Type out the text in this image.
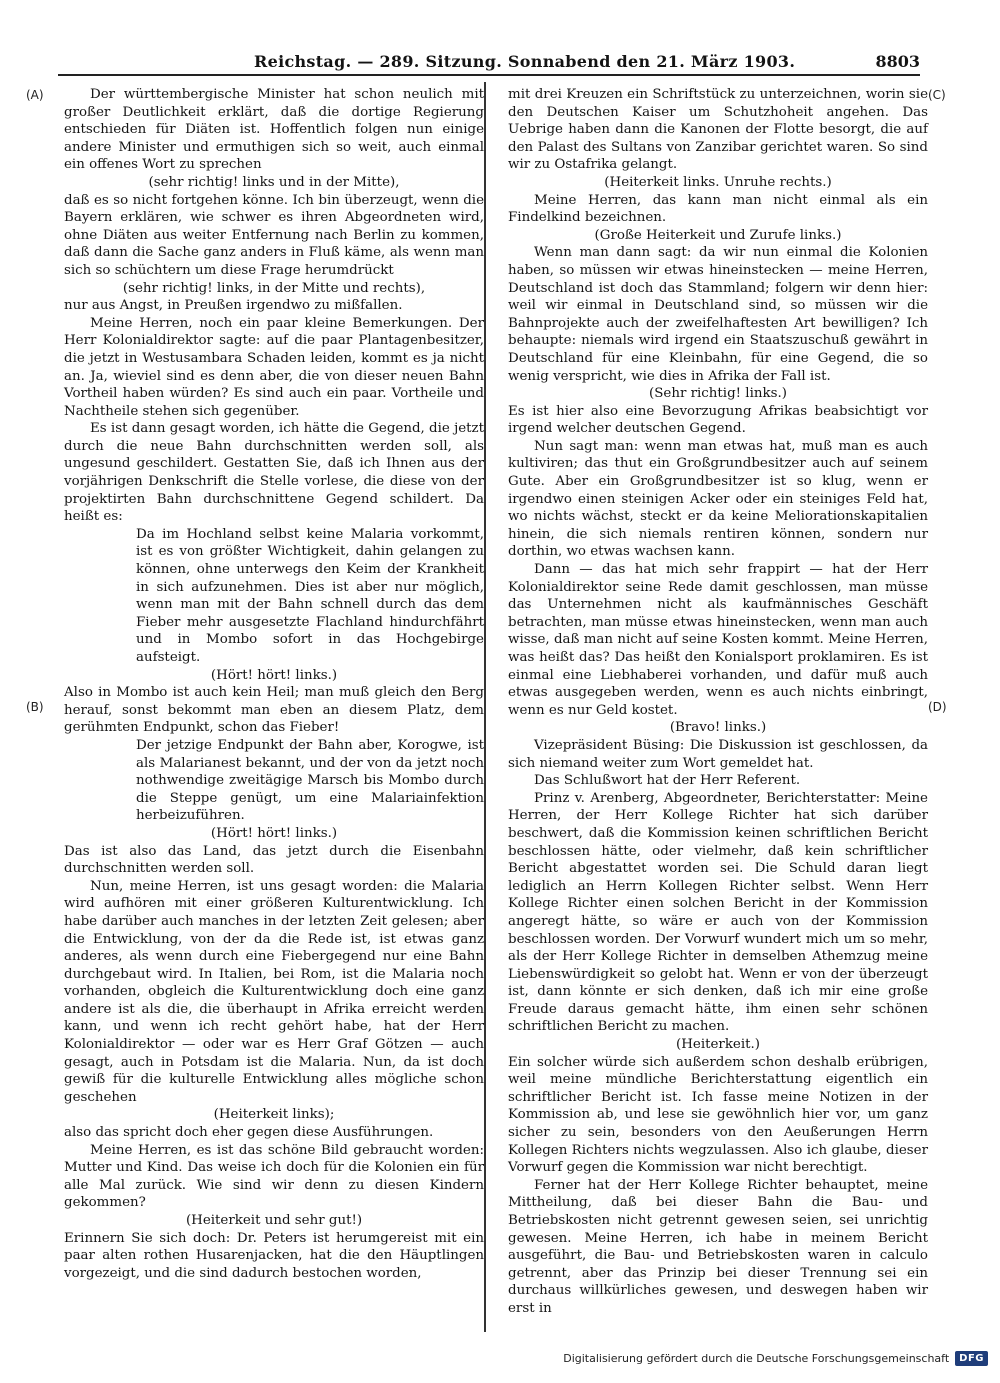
Reichstag. — 289. Sitzung. Sonnabend den 21. März 1903.	8803
(A)
(B)
(C)
(D)

Der württembergische Minister hat schon neulich mit großer Deutlichkeit erklärt, daß die dortige Regierung entschieden für Diäten ist. Hoffentlich folgen nun einige andere Minister und ermuthigen sich so weit, auch einmal ein offenes Wort zu sprechen

(sehr richtig! links und in der Mitte),

daß es so nicht fortgehen könne. Ich bin überzeugt, wenn die Bayern erklären, wie schwer es ihren Abgeordneten wird, ohne Diäten aus weiter Entfernung nach Berlin zu kommen, daß dann die Sache ganz anders in Fluß käme, als wenn man sich so schüchtern um diese Frage herumdrückt

(sehr richtig! links, in der Mitte und rechts),

nur aus Angst, in Preußen irgendwo zu mißfallen.

Meine Herren, noch ein paar kleine Bemerkungen. Der Herr Kolonialdirektor sagte: auf die paar Plantagenbesitzer, die jetzt in Westusambara Schaden leiden, kommt es ja nicht an. Ja, wieviel sind es denn aber, die von dieser neuen Bahn Vortheil haben würden? Es sind auch ein paar. Vortheile und Nachtheile stehen sich gegenüber.

Es ist dann gesagt worden, ich hätte die Gegend, die jetzt durch die neue Bahn durchschnitten werden soll, als ungesund geschildert. Gestatten Sie, daß ich Ihnen aus der vorjährigen Denkschrift die Stelle vorlese, die diese von der projektirten Bahn durchschnittene Gegend schildert. Da heißt es:

Da im Hochland selbst keine Malaria vorkommt, ist es von größter Wichtigkeit, dahin gelangen zu können, ohne unterwegs den Keim der Krankheit in sich aufzunehmen. Dies ist aber nur möglich, wenn man mit der Bahn schnell durch das dem Fieber mehr ausgesetzte Flachland hindurchfährt und in Mombo sofort in das Hochgebirge aufsteigt.

(Hört! hört! links.)

Also in Mombo ist auch kein Heil; man muß gleich den Berg herauf, sonst bekommt man eben an diesem Platz, dem gerühmten Endpunkt, schon das Fieber!

Der jetzige Endpunkt der Bahn aber, Korogwe, ist als Malarianest bekannt, und der von da jetzt noch nothwendige zweitägige Marsch bis Mombo durch die Steppe genügt, um eine Malariainfektion herbeizuführen.

(Hört! hört! links.)

Das ist also das Land, das jetzt durch die Eisenbahn durchschnitten werden soll.

Nun, meine Herren, ist uns gesagt worden: die Malaria wird aufhören mit einer größeren Kulturentwicklung. Ich habe darüber auch manches in der letzten Zeit gelesen; aber die Entwicklung, von der da die Rede ist, ist etwas ganz anderes, als wenn durch eine Fiebergegend nur eine Bahn durchgebaut wird. In Italien, bei Rom, ist die Malaria noch vorhanden, obgleich die Kulturentwicklung doch eine ganz andere ist als die, die überhaupt in Afrika erreicht werden kann, und wenn ich recht gehört habe, hat der Herr Kolonialdirektor — oder war es Herr Graf Götzen — auch gesagt, auch in Potsdam ist die Malaria. Nun, da ist doch gewiß für die kulturelle Entwicklung alles mögliche schon geschehen

(Heiterkeit links);

also das spricht doch eher gegen diese Ausführungen.

Meine Herren, es ist das schöne Bild gebraucht worden: Mutter und Kind. Das weise ich doch für die Kolonien ein für alle Mal zurück. Wie sind wir denn zu diesen Kindern gekommen?

(Heiterkeit und sehr gut!)

Erinnern Sie sich doch: Dr. Peters ist herumgereist mit ein paar alten rothen Husarenjacken, hat die den Häuptlingen vorgezeigt, und die sind dadurch bestochen worden,

mit drei Kreuzen ein Schriftstück zu unterzeichnen, worin sie den Deutschen Kaiser um Schutzhoheit angehen. Das Uebrige haben dann die Kanonen der Flotte besorgt, die auf den Palast des Sultans von Zanzibar gerichtet waren. So sind wir zu Ostafrika gelangt.

(Heiterkeit links. Unruhe rechts.)

Meine Herren, das kann man nicht einmal als ein Findelkind bezeichnen.

(Große Heiterkeit und Zurufe links.)

Wenn man dann sagt: da wir nun einmal die Kolonien haben, so müssen wir etwas hineinstecken — meine Herren, Deutschland ist doch das Stammland; folgern wir denn hier: weil wir einmal in Deutschland sind, so müssen wir die Bahnprojekte auch der zweifelhaftesten Art bewilligen? Ich behaupte: niemals wird irgend ein Staatszuschuß gewährt in Deutschland für eine Kleinbahn, für eine Gegend, die so wenig verspricht, wie dies in Afrika der Fall ist.

(Sehr richtig! links.)

Es ist hier also eine Bevorzugung Afrikas beabsichtigt vor irgend welcher deutschen Gegend.

Nun sagt man: wenn man etwas hat, muß man es auch kultiviren; das thut ein Großgrundbesitzer auch auf seinem Gute. Aber ein Großgrundbesitzer ist so klug, wenn er irgendwo einen steinigen Acker oder ein steiniges Feld hat, wo nichts wächst, steckt er da keine Meliorationskapitalien hinein, die sich niemals rentiren können, sondern nur dorthin, wo etwas wachsen kann.

Dann — das hat mich sehr frappirt — hat der Herr Kolonialdirektor seine Rede damit geschlossen, man müsse das Unternehmen nicht als kaufmännisches Geschäft betrachten, man müsse etwas hineinstecken, wenn man auch wisse, daß man nicht auf seine Kosten kommt. Meine Herren, was heißt das? Das heißt den Konialsport proklamiren. Es ist einmal eine Liebhaberei vorhanden, und dafür muß auch etwas ausgegeben werden, wenn es auch nichts einbringt, wenn es nur Geld kostet.

(Bravo! links.)

Vizepräsident Büsing: Die Diskussion ist geschlossen, da sich niemand weiter zum Wort gemeldet hat.

Das Schlußwort hat der Herr Referent.

Prinz v. Arenberg, Abgeordneter, Berichterstatter: Meine Herren, der Herr Kollege Richter hat sich darüber beschwert, daß die Kommission keinen schriftlichen Bericht beschlossen hätte, oder vielmehr, daß kein schriftlicher Bericht abgestattet worden sei. Die Schuld daran liegt lediglich an Herrn Kollegen Richter selbst. Wenn Herr Kollege Richter einen solchen Bericht in der Kommission angeregt hätte, so wäre er auch von der Kommission beschlossen worden. Der Vorwurf wundert mich um so mehr, als der Herr Kollege Richter in demselben Athemzug meine Liebenswürdigkeit so gelobt hat. Wenn er von der überzeugt ist, dann könnte er sich denken, daß ich mir eine große Freude daraus gemacht hätte, ihm einen sehr schönen schriftlichen Bericht zu machen.

(Heiterkeit.)

Ein solcher würde sich außerdem schon deshalb erübrigen, weil meine mündliche Berichterstattung eigentlich ein schriftlicher Bericht ist. Ich fasse meine Notizen in der Kommission ab, und lese sie gewöhnlich hier vor, um ganz sicher zu sein, besonders von den Aeußerungen Herrn Kollegen Richters nichts wegzulassen. Also ich glaube, dieser Vorwurf gegen die Kommission war nicht berechtigt.

Ferner hat der Herr Kollege Richter behauptet, meine Mittheilung, daß bei dieser Bahn die Bau- und Betriebskosten nicht getrennt gewesen seien, sei unrichtig gewesen. Meine Herren, ich habe in meinem Bericht ausgeführt, die Bau- und Betriebskosten waren in calculo getrennt, aber das Prinzip bei dieser Trennung sei ein durchaus willkürliches gewesen, und deswegen haben wir erst in

Digitalisierung gefördert durch die Deutsche Forschungsgemeinschaft	DFG
